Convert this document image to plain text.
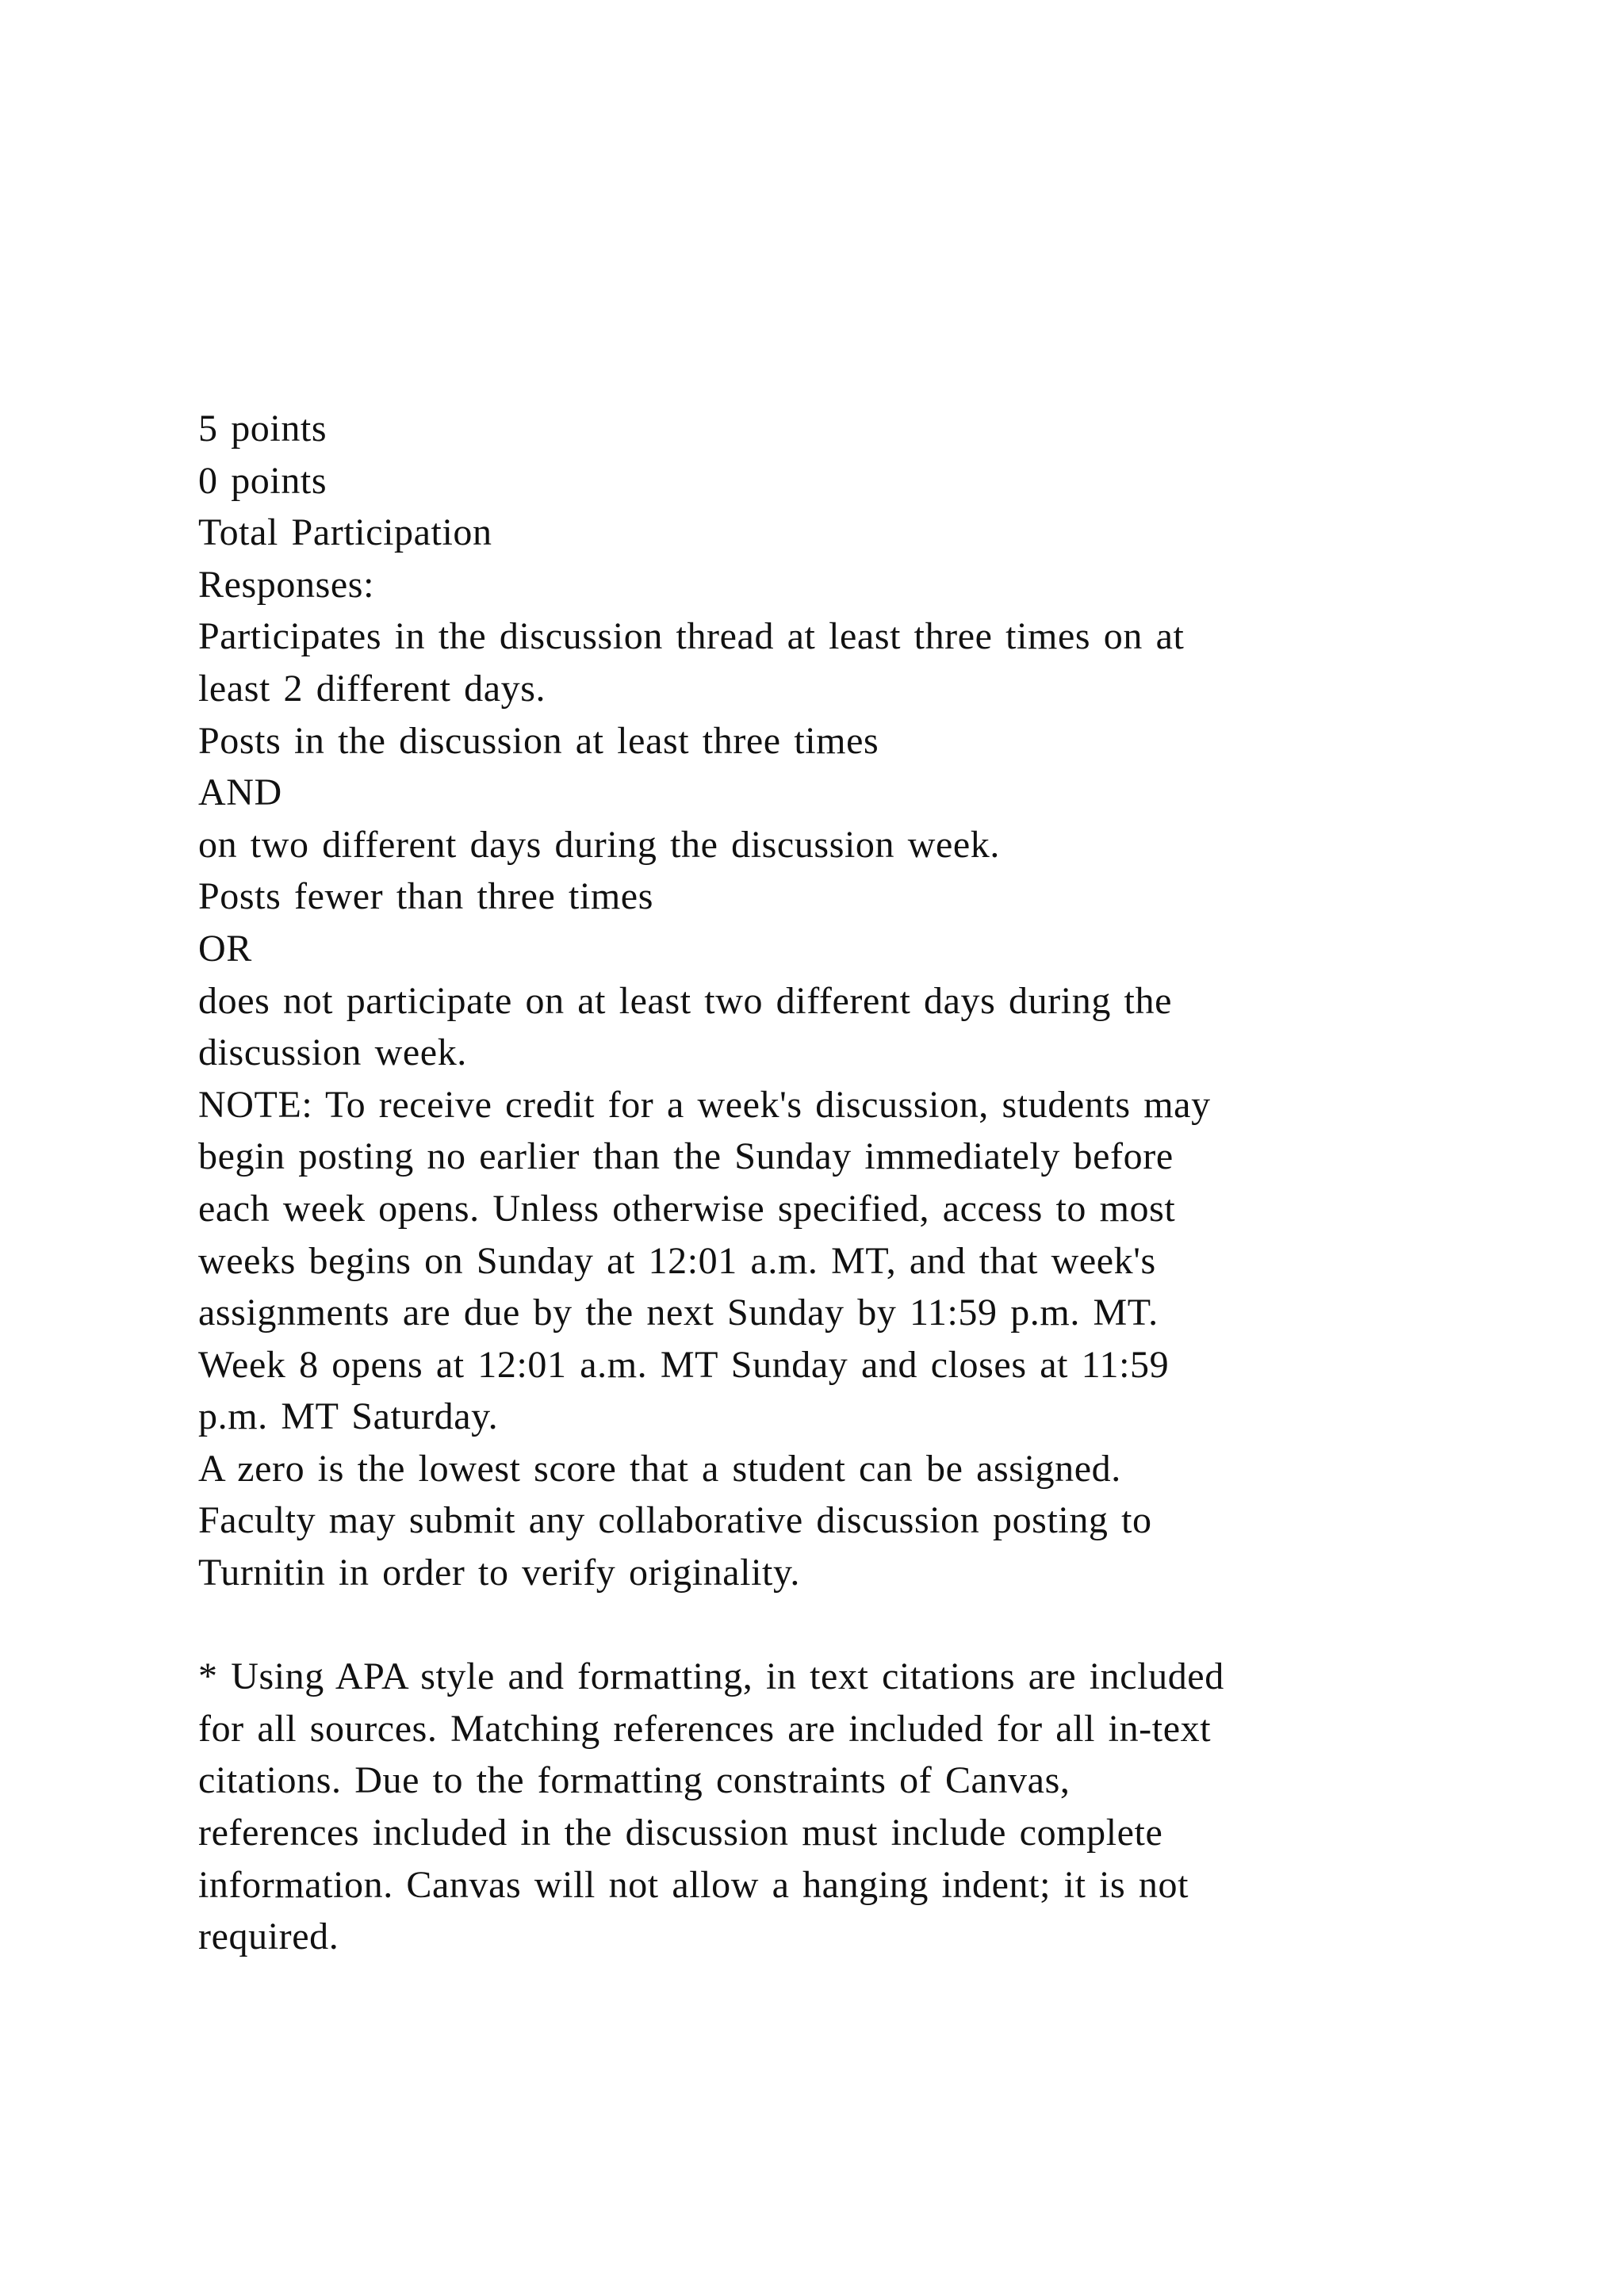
5 points
0 points
Total Participation
Responses:
Participates in the discussion thread at least three times on at
least 2 different days.
Posts in the discussion at least three times
AND
on two different days during the discussion week.
Posts fewer than three times
OR
does not participate on at least two different days during the
discussion week.
NOTE: To receive credit for a week's discussion, students may
begin posting no earlier than the Sunday immediately before
each week opens. Unless otherwise specified, access to most
weeks begins on Sunday at 12:01 a.m. MT, and that week's
assignments are due by the next Sunday by 11:59 p.m. MT.
Week 8 opens at 12:01 a.m. MT Sunday and closes at 11:59
p.m. MT Saturday.
A zero is the lowest score that a student can be assigned.
Faculty may submit any collaborative discussion posting to
Turnitin in order to verify originality.
* Using APA style and formatting, in text citations are included
for all sources. Matching references are included for all in-text
citations. Due to the formatting constraints of Canvas,
references included in the discussion must include complete
information. Canvas will not allow a hanging indent; it is not
required.
